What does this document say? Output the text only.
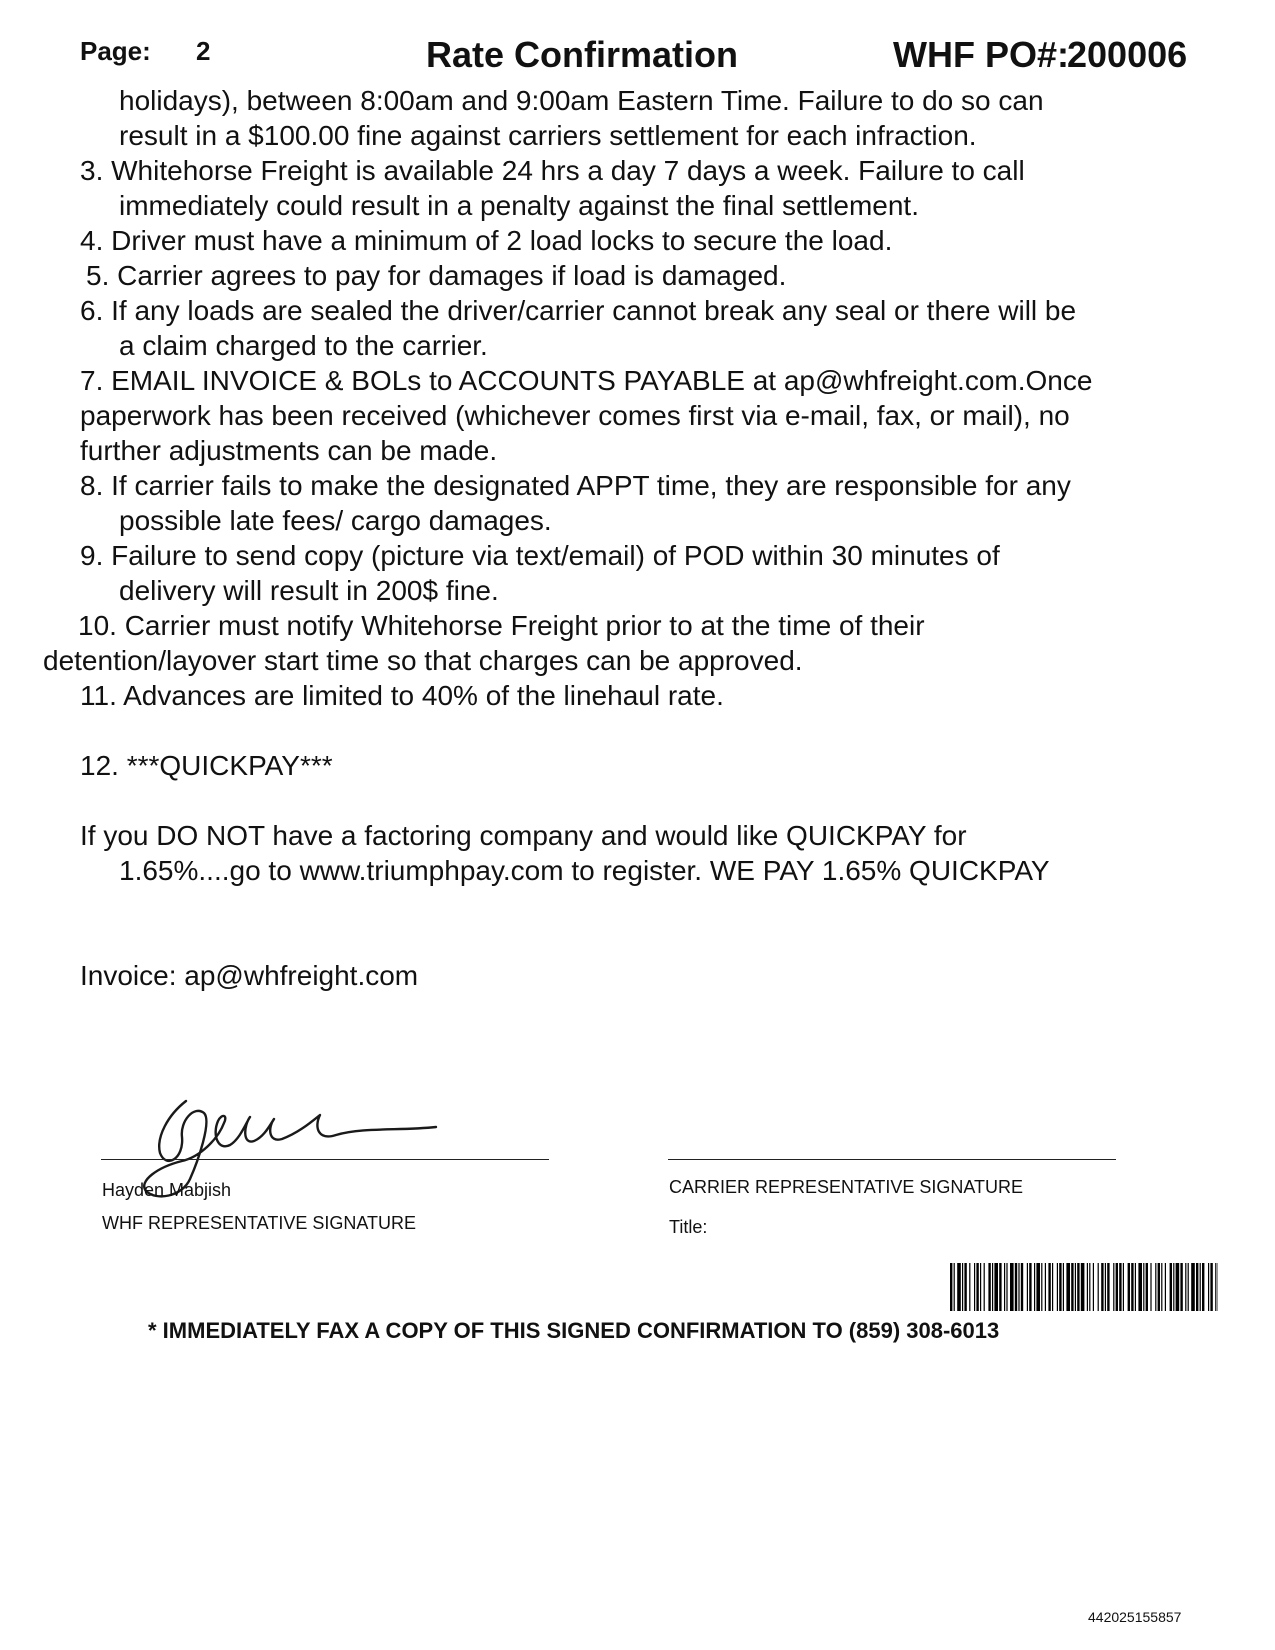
Page: 2	Rate Confirmation	WHF PO#:
200006
holidays), between 8:00am and 9:00am Eastern Time. Failure to do so can
result in a $100.00 fine against carriers settlement for each infraction.
3. Whitehorse Freight is available 24 hrs a day 7 days a week. Failure to call
immediately could result in a penalty against the final settlement.
4. Driver must have a minimum of 2 load locks to secure the load.
5. Carrier agrees to pay for damages if load is damaged.
6. If any loads are sealed the driver/carrier cannot break any seal or there will be
a claim charged to the carrier.
7. EMAIL INVOICE & BOLs to ACCOUNTS PAYABLE at ap@whfreight.com.Once
paperwork has been received (whichever comes first via e-mail, fax, or mail), no
further adjustments can be made.
8. If carrier fails to make the designated APPT time, they are responsible for any
possible late fees/ cargo damages.
9. Failure to send copy (picture via text/email) of POD within 30 minutes of
delivery will result in 200$ fine.
10. Carrier must notify Whitehorse Freight prior to at the time of their
detention/layover start time so that charges can be approved.
11. Advances are limited to 40% of the linehaul rate.
12. ***QUICKPAY***
If you DO NOT have a factoring company and would like QUICKPAY for
1.65%....go to www.triumphpay.com to register. WE PAY 1.65% QUICKPAY
Invoice: ap@whfreight.com
Hayden Mabjish
WHF REPRESENTATIVE SIGNATURE
CARRIER REPRESENTATIVE SIGNATURE
Title:
* IMMEDIATELY FAX A COPY OF THIS SIGNED CONFIRMATION TO (859) 308-6013
442025155857
